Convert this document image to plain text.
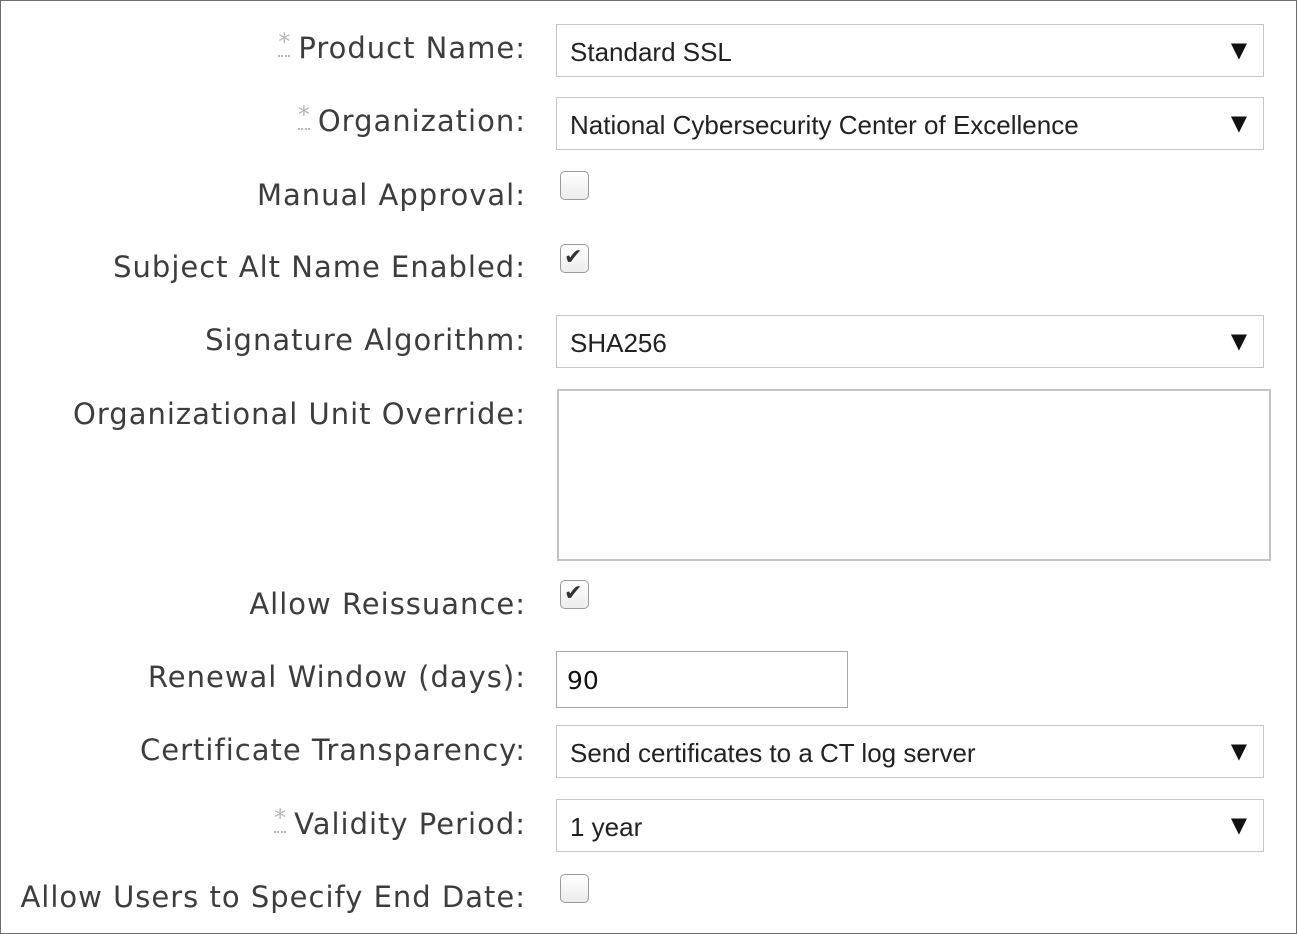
* Product Name: Standard SSL	▼
* Organization: National Cybersecurity Center of Excellence	▼
Manual Approval:
Subject Alt Name Enabled: ✔
Signature Algorithm: SHA256	▼
Organizational Unit Override:
Allow Reissuance: ✔
Renewal Window (days): 90
Certificate Transparency: Send certificates to a CT log server	▼
* Validity Period: 1 year	▼
Allow Users to Specify End Date:
